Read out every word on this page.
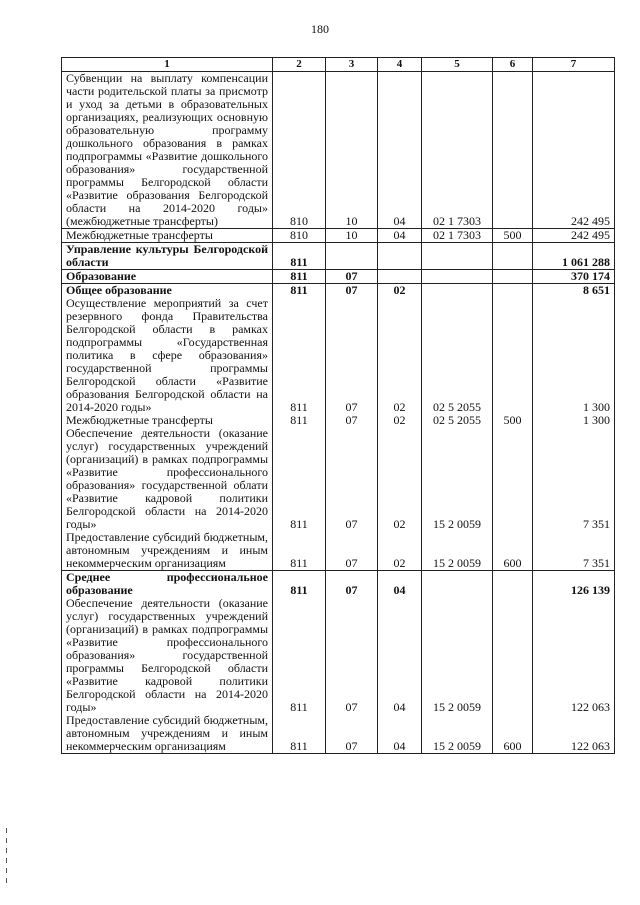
180
1	2	3	4	5	6	7
Субвенции на выплату компенсации части родительской платы за присмотр и уход за детьми в образовательных организациях, реализующих основную образовательную программу дошкольного образования в рамках подпрограммы «Развитие дошкольного образования» государственной программы Белгородской области «Развитие образования Белгородской области на 2014-2020 годы» (межбюджетные трансферты)	810	10	04	02 1 7303		242 495
Межбюджетные трансферты	810	10	04	02 1 7303	500	242 495
Управление культуры Белгородской области	811					1 061 288
Образование	811	07				370 174
Общее образование	811	07	02			8 651
Осуществление мероприятий за счет резервного фонда Правительства Белгородской области в рамках подпрограммы «Государственная политика в сфере образования» государственной программы Белгородской области «Развитие образования Белгородской области на 2014-2020 годы»	811	07	02	02 5 2055		1 300
Межбюджетные трансферты	811	07	02	02 5 2055	500	1 300
Обеспечение деятельности (оказание услуг) государственных учреждений (организаций) в рамках подпрограммы «Развитие профессионального образования» государственной облати «Развитие кадровой политики Белгородской области на 2014-2020 годы»	811	07	02	15 2 0059		7 351
Предоставление субсидий бюджетным, автономным учреждениям и иным некоммерческим организациям	811	07	02	15 2 0059	600	7 351
Среднее профессиональное образование	811	07	04			126 139
Обеспечение деятельности (оказание услуг) государственных учреждений (организаций) в рамках подпрограммы «Развитие профессионального образования» государственной программы Белгородской области «Развитие кадровой политики Белгородской области на 2014-2020 годы»	811	07	04	15 2 0059		122 063
Предоставление субсидий бюджетным, автономным учреждениям и иным некоммерческим организациям	811	07	04	15 2 0059	600	122 063
